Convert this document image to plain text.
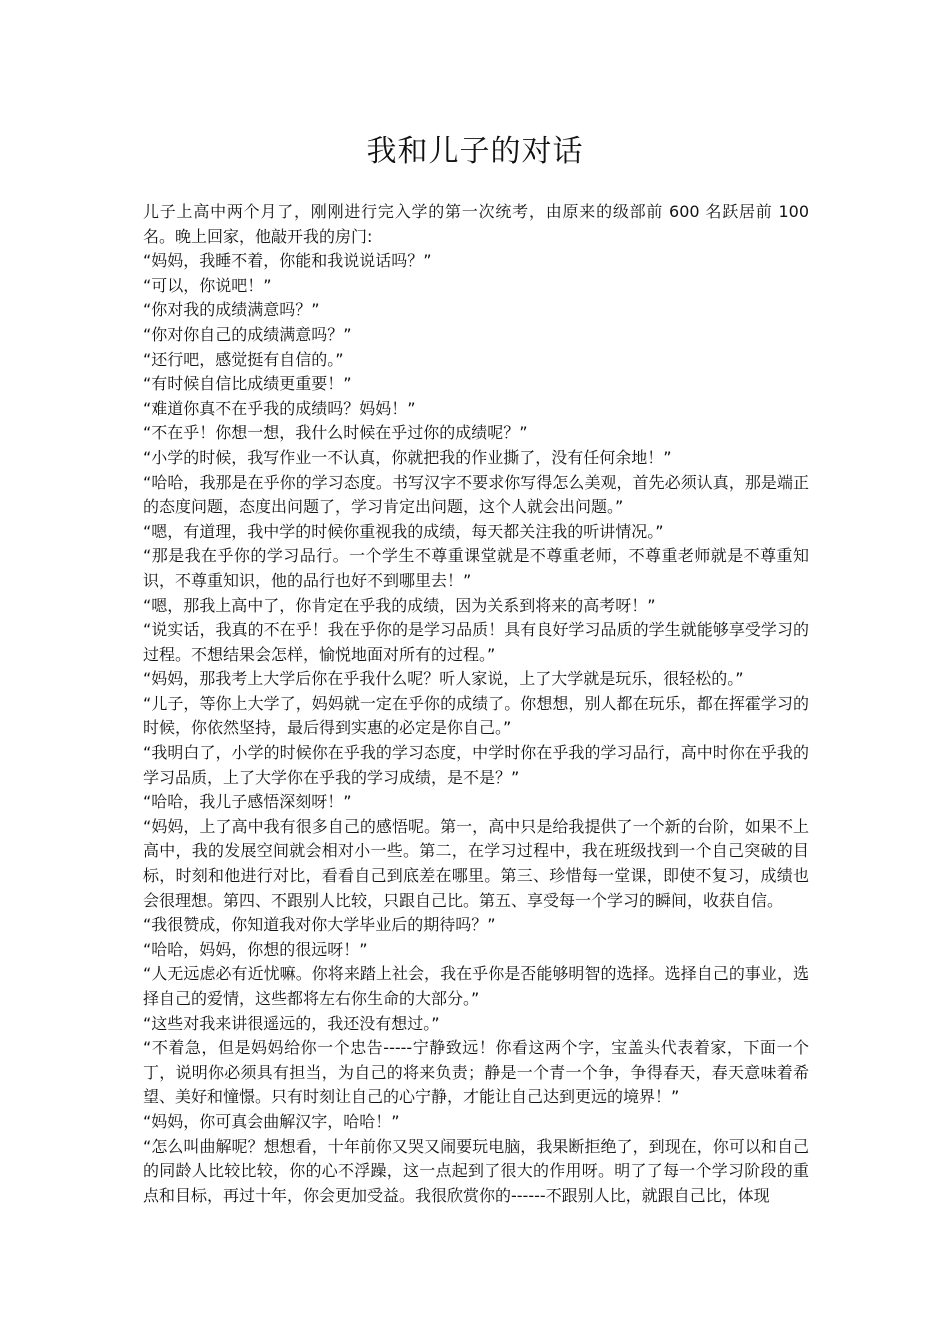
我和儿子的对话

儿子上高中两个月了，刚刚进行完入学的第一次统考，由原来的级部前 600 名跃居前 100 名。晚上回家，他敲开我的房门:

“妈妈，我睡不着，你能和我说说话吗？”

“可以，你说吧！”

“你对我的成绩满意吗？”

“你对你自己的成绩满意吗？”

“还行吧，感觉挺有自信的。”

“有时候自信比成绩更重要！”

“难道你真不在乎我的成绩吗？妈妈！”

“不在乎！你想一想，我什么时候在乎过你的成绩呢？”

“小学的时候，我写作业一不认真，你就把我的作业撕了，没有任何余地！”

“哈哈，我那是在乎你的学习态度。书写汉字不要求你写得怎么美观，首先必须认真，那是端正的态度问题，态度出问题了，学习肯定出问题，这个人就会出问题。”

“嗯，有道理，我中学的时候你重视我的成绩，每天都关注我的听讲情况。”

“那是我在乎你的学习品行。一个学生不尊重课堂就是不尊重老师，不尊重老师就是不尊重知识，不尊重知识，他的品行也好不到哪里去！”

“嗯，那我上高中了，你肯定在乎我的成绩，因为关系到将来的高考呀！”

“说实话，我真的不在乎！我在乎你的是学习品质！具有良好学习品质的学生就能够享受学习的过程。不想结果会怎样，愉悦地面对所有的过程。”

“妈妈，那我考上大学后你在乎我什么呢？听人家说，上了大学就是玩乐，很轻松的。”

“儿子，等你上大学了，妈妈就一定在乎你的成绩了。你想想，别人都在玩乐，都在挥霍学习的时候，你依然坚持，最后得到实惠的必定是你自己。”

“我明白了，小学的时候你在乎我的学习态度，中学时你在乎我的学习品行，高中时你在乎我的学习品质，上了大学你在乎我的学习成绩，是不是？”

“哈哈，我儿子感悟深刻呀！”

“妈妈，上了高中我有很多自己的感悟呢。第一，高中只是给我提供了一个新的台阶，如果不上高中，我的发展空间就会相对小一些。第二，在学习过程中，我在班级找到一个自己突破的目标，时刻和他进行对比，看看自己到底差在哪里。第三、珍惜每一堂课，即使不复习，成绩也会很理想。第四、不跟别人比较，只跟自己比。第五、享受每一个学习的瞬间，收获自信。

“我很赞成，你知道我对你大学毕业后的期待吗？”

“哈哈，妈妈，你想的很远呀！”

“人无远虑必有近忧嘛。你将来踏上社会，我在乎你是否能够明智的选择。选择自己的事业，选择自己的爱情，这些都将左右你生命的大部分。”

“这些对我来讲很遥远的，我还没有想过。”

“不着急，但是妈妈给你一个忠告-----宁静致远！你看这两个字，宝盖头代表着家，下面一个丁，说明你必须具有担当，为自己的将来负责；静是一个青一个争，争得春天，春天意味着希望、美好和憧憬。只有时刻让自己的心宁静，才能让自己达到更远的境界！”

“妈妈，你可真会曲解汉字，哈哈！”

“怎么叫曲解呢？想想看，十年前你又哭又闹要玩电脑，我果断拒绝了，到现在，你可以和自己的同龄人比较比较，你的心不浮躁，这一点起到了很大的作用呀。明了了每一个学习阶段的重点和目标，再过十年，你会更加受益。我很欣赏你的------不跟别人比，就跟自己比，体现
